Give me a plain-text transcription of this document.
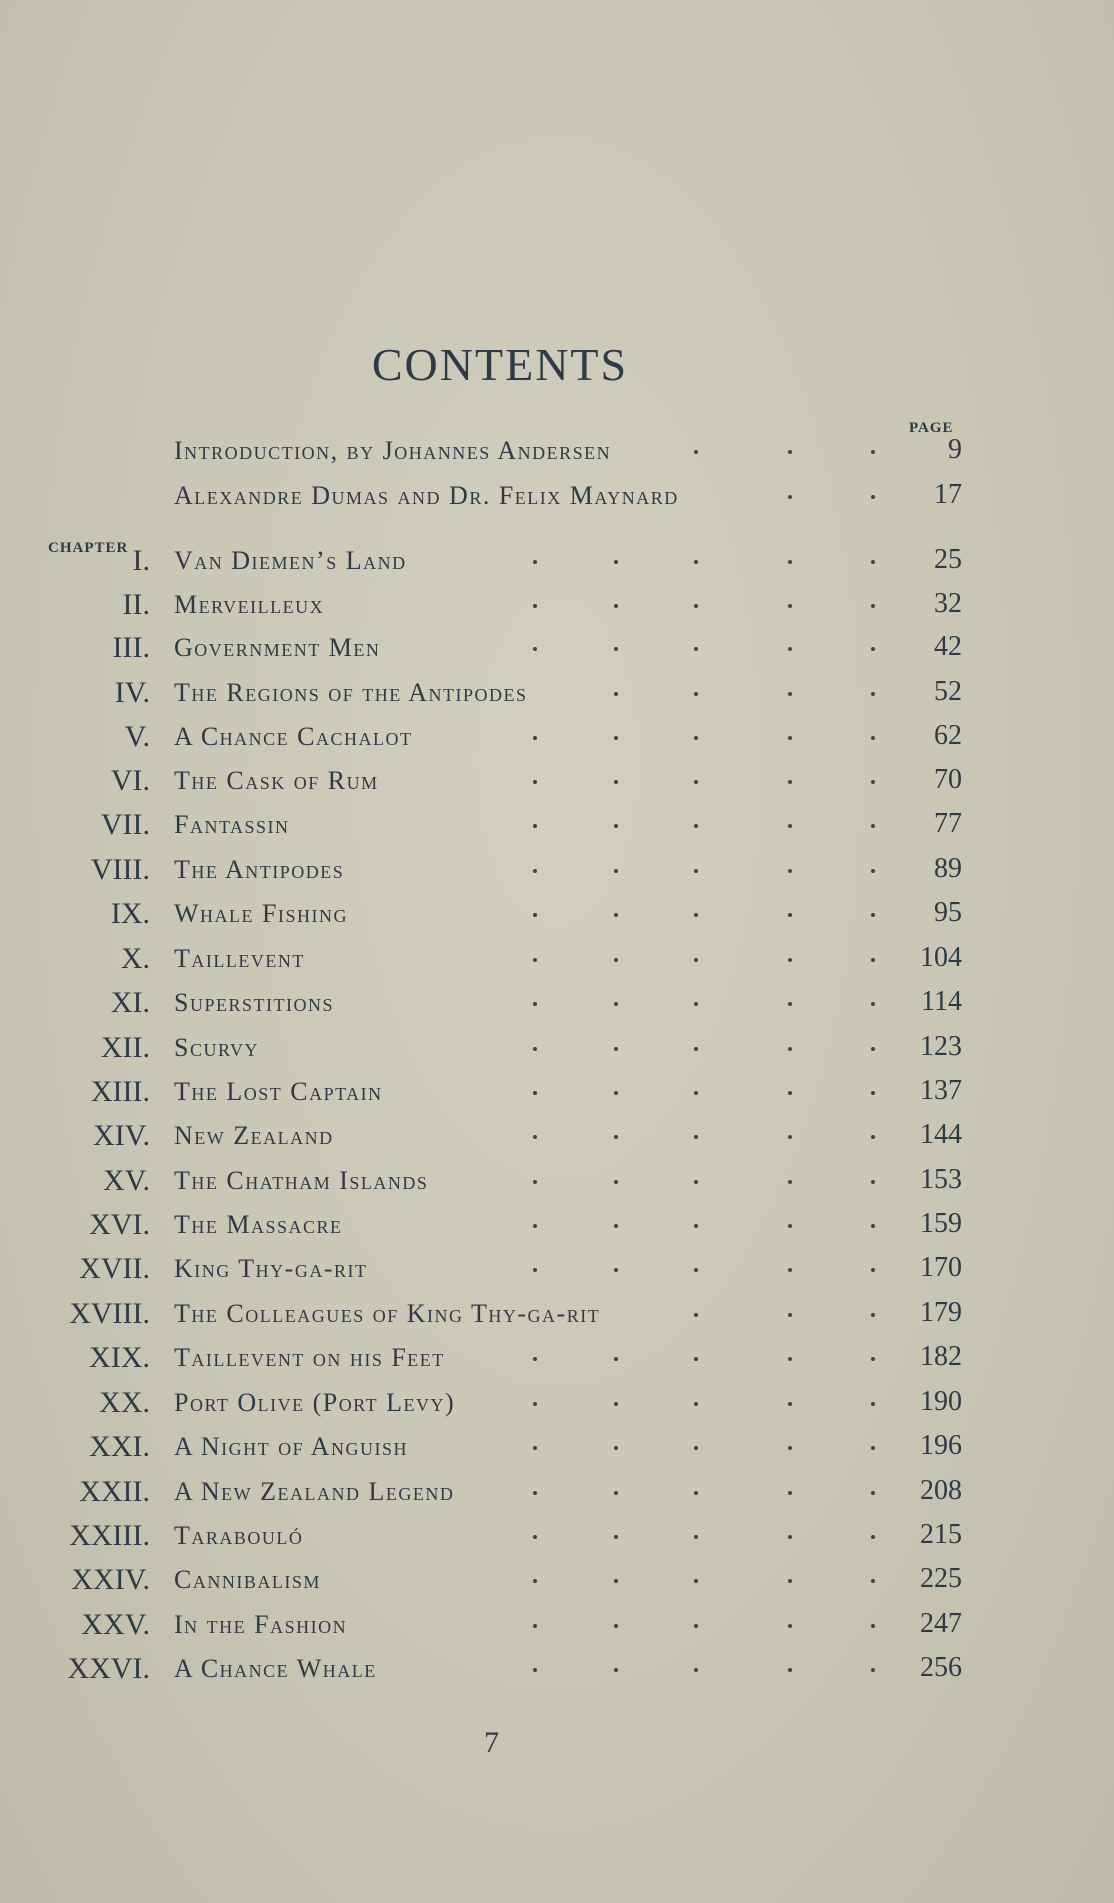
CONTENTS
PAGE
CHAPTER
Introduction, by Johannes Andersen	9
Alexandre Dumas and Dr. Felix Maynard	17
I. Van Diemen’s Land	25
II. Merveilleux	32
III. Government Men	42
IV. The Regions of the Antipodes	52
V. A Chance Cachalot	62
VI. The Cask of Rum	70
VII. Fantassin	77
VIII. The Antipodes	89
IX. Whale Fishing	95
X. Taillevent	104
XI. Superstitions	114
XII. Scurvy	123
XIII. The Lost Captain	137
XIV. New Zealand	144
XV. The Chatham Islands	153
XVI. The Massacre	159
XVII. King Thy-ga-rit	170
XVIII. The Colleagues of King Thy-ga-rit	179
XIX. Taillevent on his Feet	182
XX. Port Olive (Port Levy)	190
XXI. A Night of Anguish	196
XXII. A New Zealand Legend	208
XXIII. Tarabouló	215
XXIV. Cannibalism	225
XXV. In the Fashion	247
XXVI. A Chance Whale	256
7
